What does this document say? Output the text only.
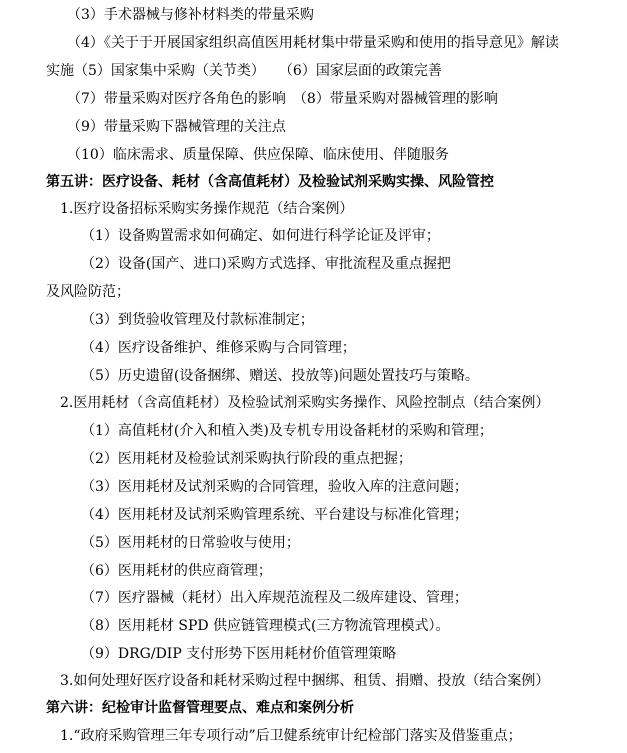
（3）手术器械与修补材料类的带量采购
（4）《关于于开展国家组织高值医用耗材集中带量采购和使用的指导意见》解读
实施（5）国家集中采购（关节类）　　（6）国家层面的政策完善
（7）带量采购对医疗各角色的影响　（8）带量采购对器械管理的影响
（9）带量采购下器械管理的关注点
（10）临床需求、质量保障、供应保障、临床使用、伴随服务
第五讲：医疗设备、耗材（含高值耗材）及检验试剂采购实操、风险管控
1.医疗设备招标采购实务操作规范（结合案例）
（1）设备购置需求如何确定、如何进行科学论证及评审；
（2）设备(国产、进口)采购方式选择、审批流程及重点握把
及风险防范；
（3）到货验收管理及付款标准制定；
（4）医疗设备维护、维修采购与合同管理；
（5）历史遗留(设备捆绑、赠送、投放等)问题处置技巧与策略。
2.医用耗材（含高值耗材）及检验试剂采购实务操作、风险控制点（结合案例）
（1）高值耗材(介入和植入类)及专机专用设备耗材的采购和管理；
（2）医用耗材及检验试剂采购执行阶段的重点把握；
（3）医用耗材及试剂采购的合同管理，验收入库的注意问题；
（4）医用耗材及试剂采购管理系统、平台建设与标准化管理；
（5）医用耗材的日常验收与使用；
（6）医用耗材的供应商管理；
（7）医疗器械（耗材）出入库规范流程及二级库建设、管理；
（8）医用耗材 SPD 供应链管理模式(三方物流管理模式）。
（9）DRG/DIP 支付形势下医用耗材价值管理策略
3.如何处理好医疗设备和耗材采购过程中捆绑、租赁、捐赠、投放（结合案例）
第六讲：纪检审计监督管理要点、难点和案例分析
1.“政府采购管理三年专项行动”后卫健系统审计纪检部门落实及借鉴重点；
